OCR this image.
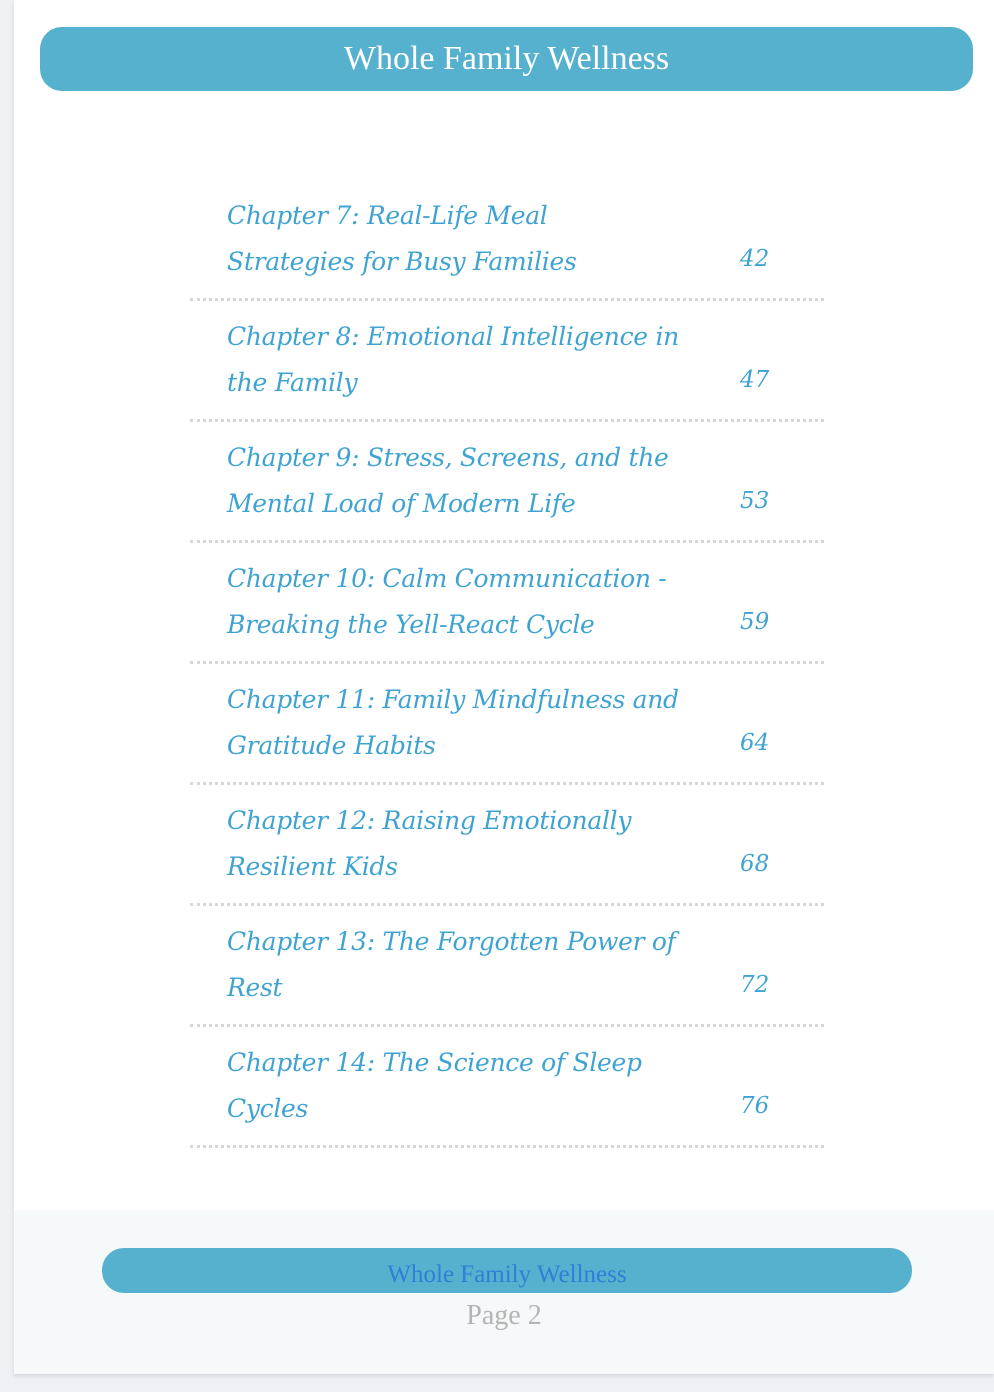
Whole Family Wellness
Chapter 7: Real-Life Meal
Strategies for Busy Families	42
Chapter 8: Emotional Intelligence in
the Family	47
Chapter 9: Stress, Screens, and the
Mental Load of Modern Life	53
Chapter 10: Calm Communication -
Breaking the Yell-React Cycle	59
Chapter 11: Family Mindfulness and
Gratitude Habits	64
Chapter 12: Raising Emotionally
Resilient Kids	68
Chapter 13: The Forgotten Power of
Rest	72
Chapter 14: The Science of Sleep
Cycles	76
Whole Family Wellness
Page 2
